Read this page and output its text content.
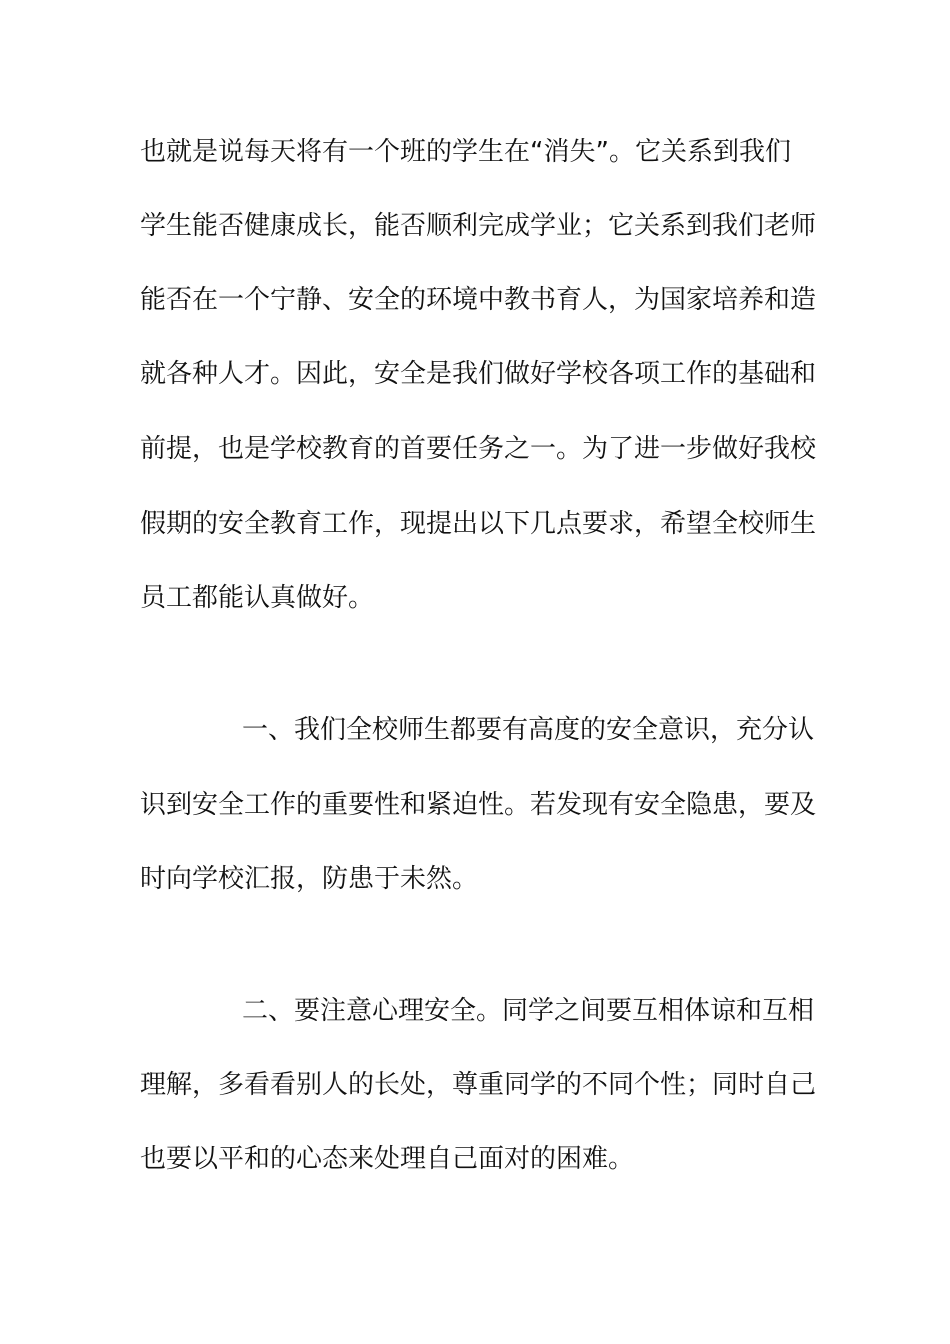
也就是说每天将有一个班的学生在“消失”。它关系到我们
学生能否健康成长，能否顺利完成学业；它关系到我们老师
能否在一个宁静、安全的环境中教书育人，为国家培养和造
就各种人才。因此，安全是我们做好学校各项工作的基础和
前提，也是学校教育的首要任务之一。为了进一步做好我校
假期的安全教育工作，现提出以下几点要求，希望全校师生
员工都能认真做好。
一、我们全校师生都要有高度的安全意识，充分认
识到安全工作的重要性和紧迫性。若发现有安全隐患，要及
时向学校汇报，防患于未然。
二、要注意心理安全。同学之间要互相体谅和互相
理解，多看看别人的长处，尊重同学的不同个性；同时自己
也要以平和的心态来处理自己面对的困难。
